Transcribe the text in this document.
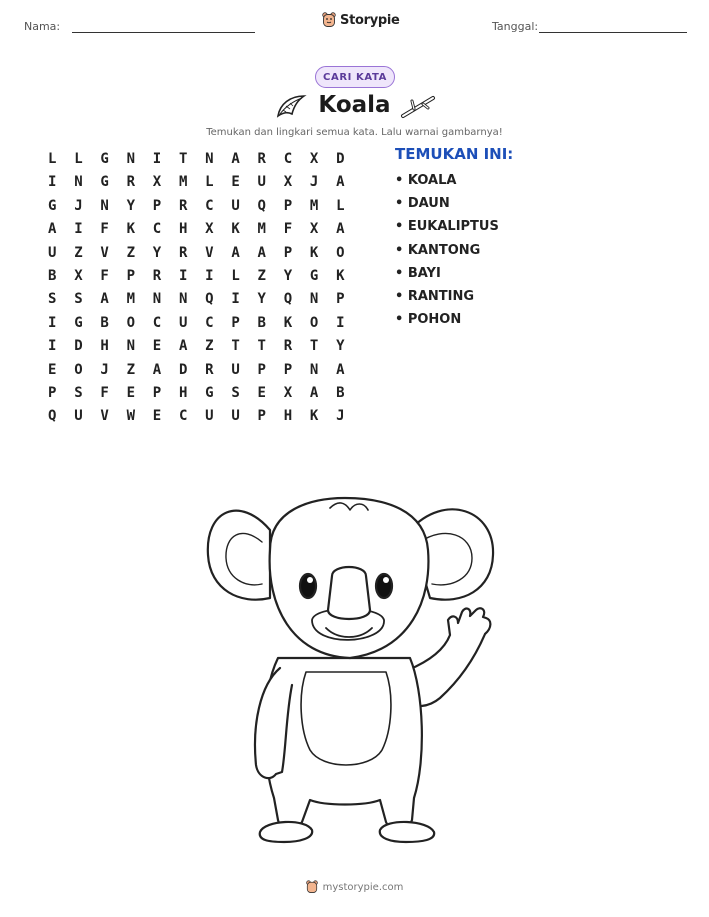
Nama:	Storypie	Tanggal:
CARI KATA
Koala
Temukan dan lingkari semua kata. Lalu warnai gambarnya!
L	L	G	N	I	T	N	A	R	C	X	D
I	N	G	R	X	M	L	E	U	X	J	A
G	J	N	Y	P	R	C	U	Q	P	M	L
A	I	F	K	C	H	X	K	M	F	X	A
U	Z	V	Z	Y	R	V	A	A	P	K	O
B	X	F	P	R	I	I	L	Z	Y	G	K
S	S	A	M	N	N	Q	I	Y	Q	N	P
I	G	B	O	C	U	C	P	B	K	O	I
I	D	H	N	E	A	Z	T	T	R	T	Y
E	O	J	Z	A	D	R	U	P	P	N	A
P	S	F	E	P	H	G	S	E	X	A	B
Q	U	V	W	E	C	U	U	P	H	K	J
TEMUKAN INI:
• KOALA
• DAUN
• EUKALIPTUS
• KANTONG
• BAYI
• RANTING
• POHON
mystorypie.com
